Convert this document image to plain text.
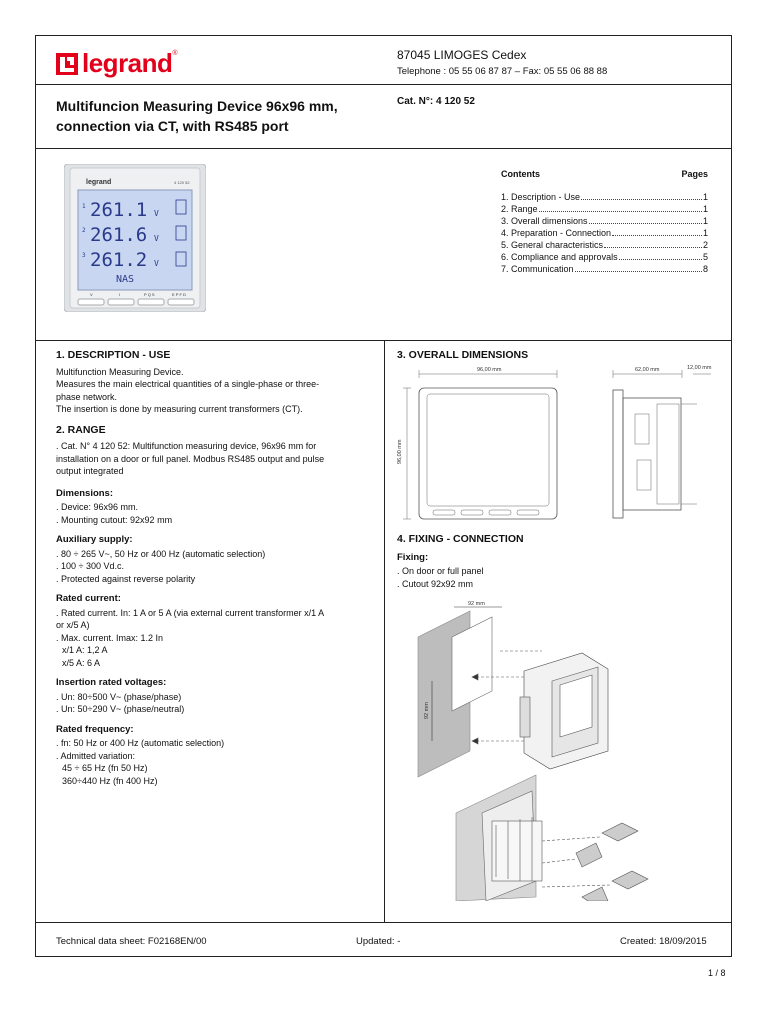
legrand ®	87045 LIMOGES Cedex
Telephone : 05 55 06 87 87 – Fax: 05 55 06 88 88
Multifuncion Measuring Device 96x96 mm,
connection via CT, with RS485 port
Cat. N°: 4 120 52
legrand	4 120 52
1 261.1 V
2 261.6 V
3 261.2 V
NAS
V	I	P Q S	E P F D
Contents	Pages
1. Description - Use	1
2. Range	1
3. Overall dimensions	1
4. Preparation - Connection	1
5. General characteristics	2
6. Compliance and approvals	5
7. Communication	8
1. DESCRIPTION - USE
Multifunction Measuring Device.
Measures the main electrical quantities of a single-phase or three-
phase network.
The insertion is done by measuring current transformers (CT).
2. RANGE
. Cat. N° 4 120 52: Multifunction measuring device, 96x96 mm for
installation on a door or full panel. Modbus RS485 output and pulse
output integrated
Dimensions:
. Device: 96x96 mm.
. Mounting cutout: 92x92 mm
Auxiliary supply:
. 80 ÷ 265 V~, 50 Hz or 400 Hz (automatic selection)
. 100 ÷ 300 Vd.c.
. Protected against reverse polarity
Rated current:
. Rated current. In: 1 A or 5 A (via external current transformer x/1 A
or x/5 A)
. Max. current. Imax: 1.2 In
x/1 A: 1,2 A
x/5 A: 6 A
Insertion rated voltages:
. Un: 80÷500 V~ (phase/phase)
. Un: 50÷290 V~ (phase/neutral)
Rated frequency:
. fn: 50 Hz or 400 Hz (automatic selection)
. Admitted variation:
45 ÷ 65 Hz (fn 50 Hz)
360÷440 Hz (fn 400 Hz)
3. OVERALL DIMENSIONS
96,00 mm
96,00 mm
62,00 mm	12,00 mm
4. FIXING - CONNECTION
Fixing:
. On door or full panel
. Cutout 92x92 mm
92 mm
92 mm
Technical data sheet: F02168EN/00	Updated: -	Created: 18/09/2015
1 / 8
